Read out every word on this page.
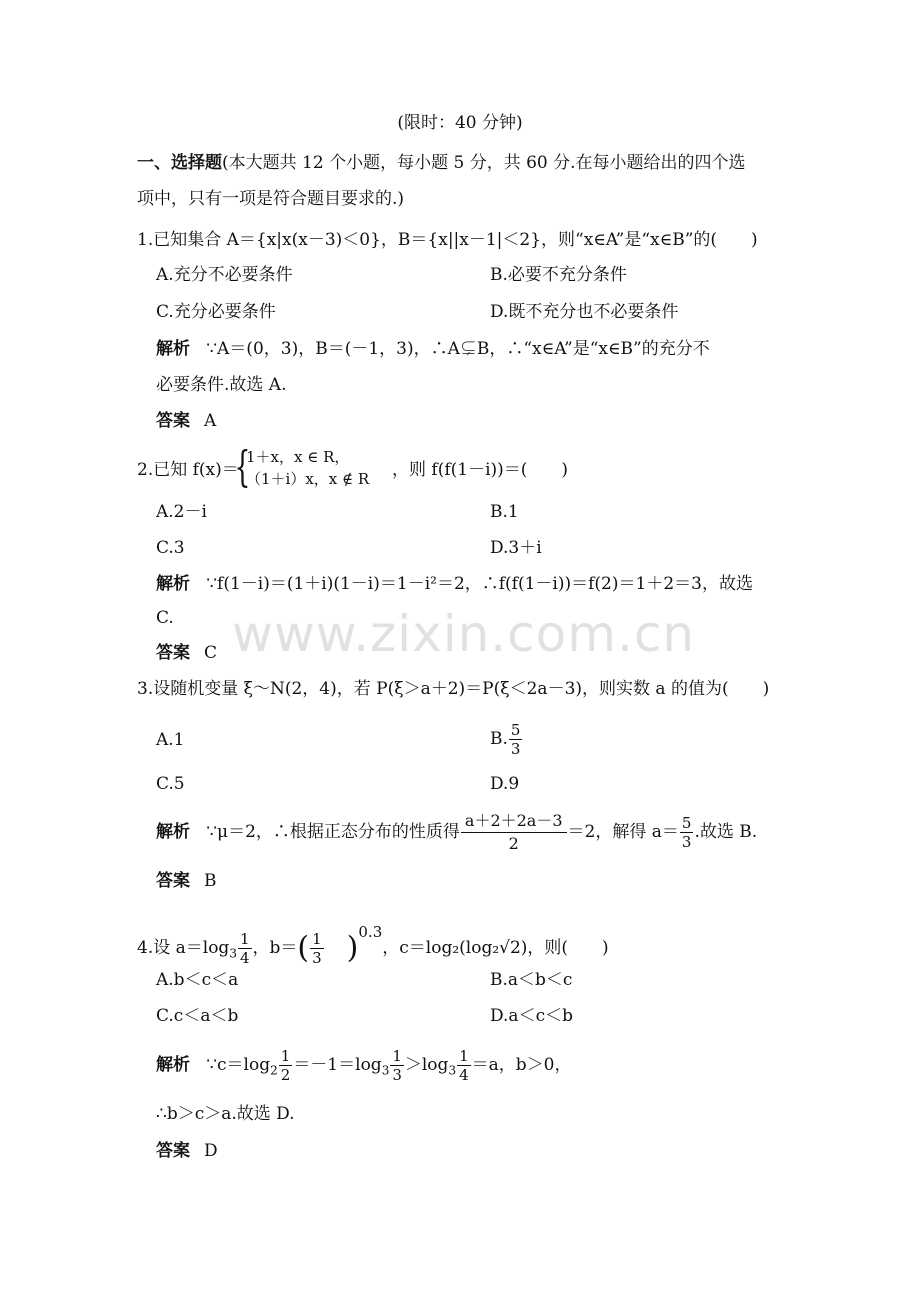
(限时：40 分钟)
一、选择题(本大题共 12 个小题，每小题 5 分，共 60 分.在每小题给出的四个选
项中，只有一项是符合题目要求的.)
1.已知集合 A＝{x|x(x－3)＜0}，B＝{x||x－1|＜2}，则“x∈A”是“x∈B”的(　　)
A.充分不必要条件	B.必要不充分条件
C.充分必要条件	D.既不充分也不必要条件
解析 ∵A＝(0，3)，B＝(－1，3)，∴A⊊B，∴“x∈A”是“x∈B”的充分不
必要条件.故选 A.
答案 A
2.已知 f(x)＝
{
1＋x，x ∈ R，
（1＋i）x，x ∉ R ，则 f(f(1－i))＝(　　)
A.2－i	B.1
C.3	D.3＋i
解析 ∵f(1－i)＝(1＋i)(1－i)＝1－i²＝2，∴f(f(1－i))＝f(2)＝1＋2＝3，故选
C.
答案 C www.zixin.com.cn
3.设随机变量 ξ～N(2，4)，若 P(ξ＞a＋2)＝P(ξ＜2a－3)，则实数 a 的值为(　　)
A.1	B. $\frac{5}{3}$
C.5	D.9
解析 ∵μ＝2，∴根据正态分布的性质得 $\frac{a+2+2a-3}{2} =2$，解得 $a= \frac{5}{3}$ .故选 B.
答案 B
4.设 $a=\log_3 \frac{1}{4}$ ，$b=( \frac{1}{3} )^{0.3}$，c＝log₂(log₂√2)，则(　　)
A.b＜c＜a	B.a＜b＜c
C.c＜a＜b	D.a＜c＜b
解析 $\because c=\log_2 \frac{1}{2} =-1=\log_3 \frac{1}{3} >\log_3 \frac{1}{4} =a$，b＞0，
∴b＞c＞a.故选 D.
答案 D
